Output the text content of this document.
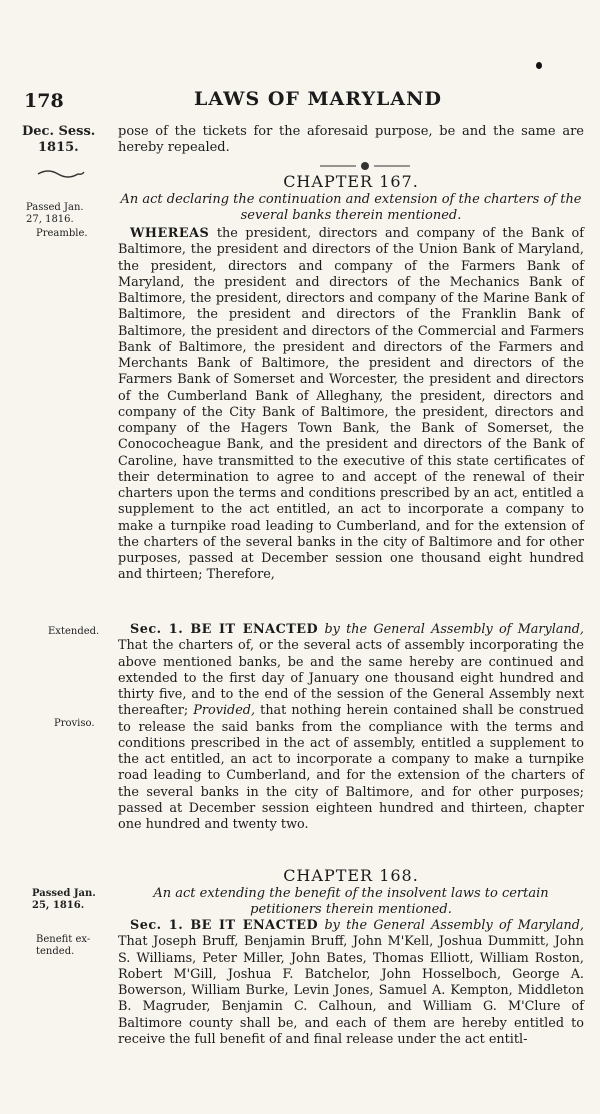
178	LAWS OF MARYLAND
Dec. Sess.
1815.
pose of the tickets for the aforesaid purpose, be and the same are hereby repealed.
CHAPTER 167.
Passed Jan.
27, 1816.
An act declaring the continuation and extension of the charters of the several banks therein mentioned.
Preamble.	WHEREAS the president, directors and company of the Bank of Baltimore, the president and directors of the Union Bank of Maryland, the president, directors and company of the Farmers Bank of Maryland, the president and directors of the Mechanics Bank of Baltimore, the president, directors and company of the Marine Bank of Baltimore, the president and directors of the Franklin Bank of Baltimore, the president and directors of the Commercial and Farmers Bank of Baltimore, the president and directors of the Farmers and Merchants Bank of Baltimore, the president and directors of the Farmers Bank of Somerset and Worcester, the president and directors of the Cumberland Bank of Alleghany, the president, directors and company of the City Bank of Baltimore, the president, directors and company of the Hagers Town Bank, the Bank of Somerset, the Conococheague Bank, and the president and directors of the Bank of Caroline, have transmitted to the executive of this state certificates of their determination to agree to and accept of the renewal of their charters upon the terms and conditions prescribed by an act, entitled a supplement to the act entitled, an act to incorporate a company to make a turnpike road leading to Cumberland, and for the extension of the charters of the several banks in the city of Baltimore and for other purposes, passed at December session one thousand eight hundred and thirteen; Therefore,
Extended.
Proviso.
Sec. 1. BE IT ENACTED by the General Assembly of Maryland, That the charters of, or the several acts of assembly incorporating the above mentioned banks, be and the same hereby are continued and extended to the first day of January one thousand eight hundred and thirty five, and to the end of the session of the General Assembly next thereafter; Provided, that nothing herein contained shall be construed to release the said banks from the compliance with the terms and conditions prescribed in the act of assembly, entitled a supplement to the act entitled, an act to incorporate a company to make a turnpike road leading to Cumberland, and for the extension of the charters of the several banks in the city of Baltimore, and for other purposes; passed at December session eighteen hundred and thirteen, chapter one hundred and twenty two.
CHAPTER 168.
Passed Jan.
25, 1816.
An act extending the benefit of the insolvent laws to certain petitioners therein mentioned.
Benefit ex-
tended.
Sec. 1. BE IT ENACTED by the General Assembly of Maryland, That Joseph Bruff, Benjamin Bruff, John M'Kell, Joshua Dummitt, John S. Williams, Peter Miller, John Bates, Thomas Elliott, William Roston, Robert M'Gill, Joshua F. Batchelor, John Hosselboch, George A. Bowerson, William Burke, Levin Jones, Samuel A. Kempton, Middleton B. Magruder, Benjamin C. Calhoun, and William G. M'Clure of Baltimore county shall be, and each of them are hereby entitled to receive the full benefit of and final release under the act entitl-
